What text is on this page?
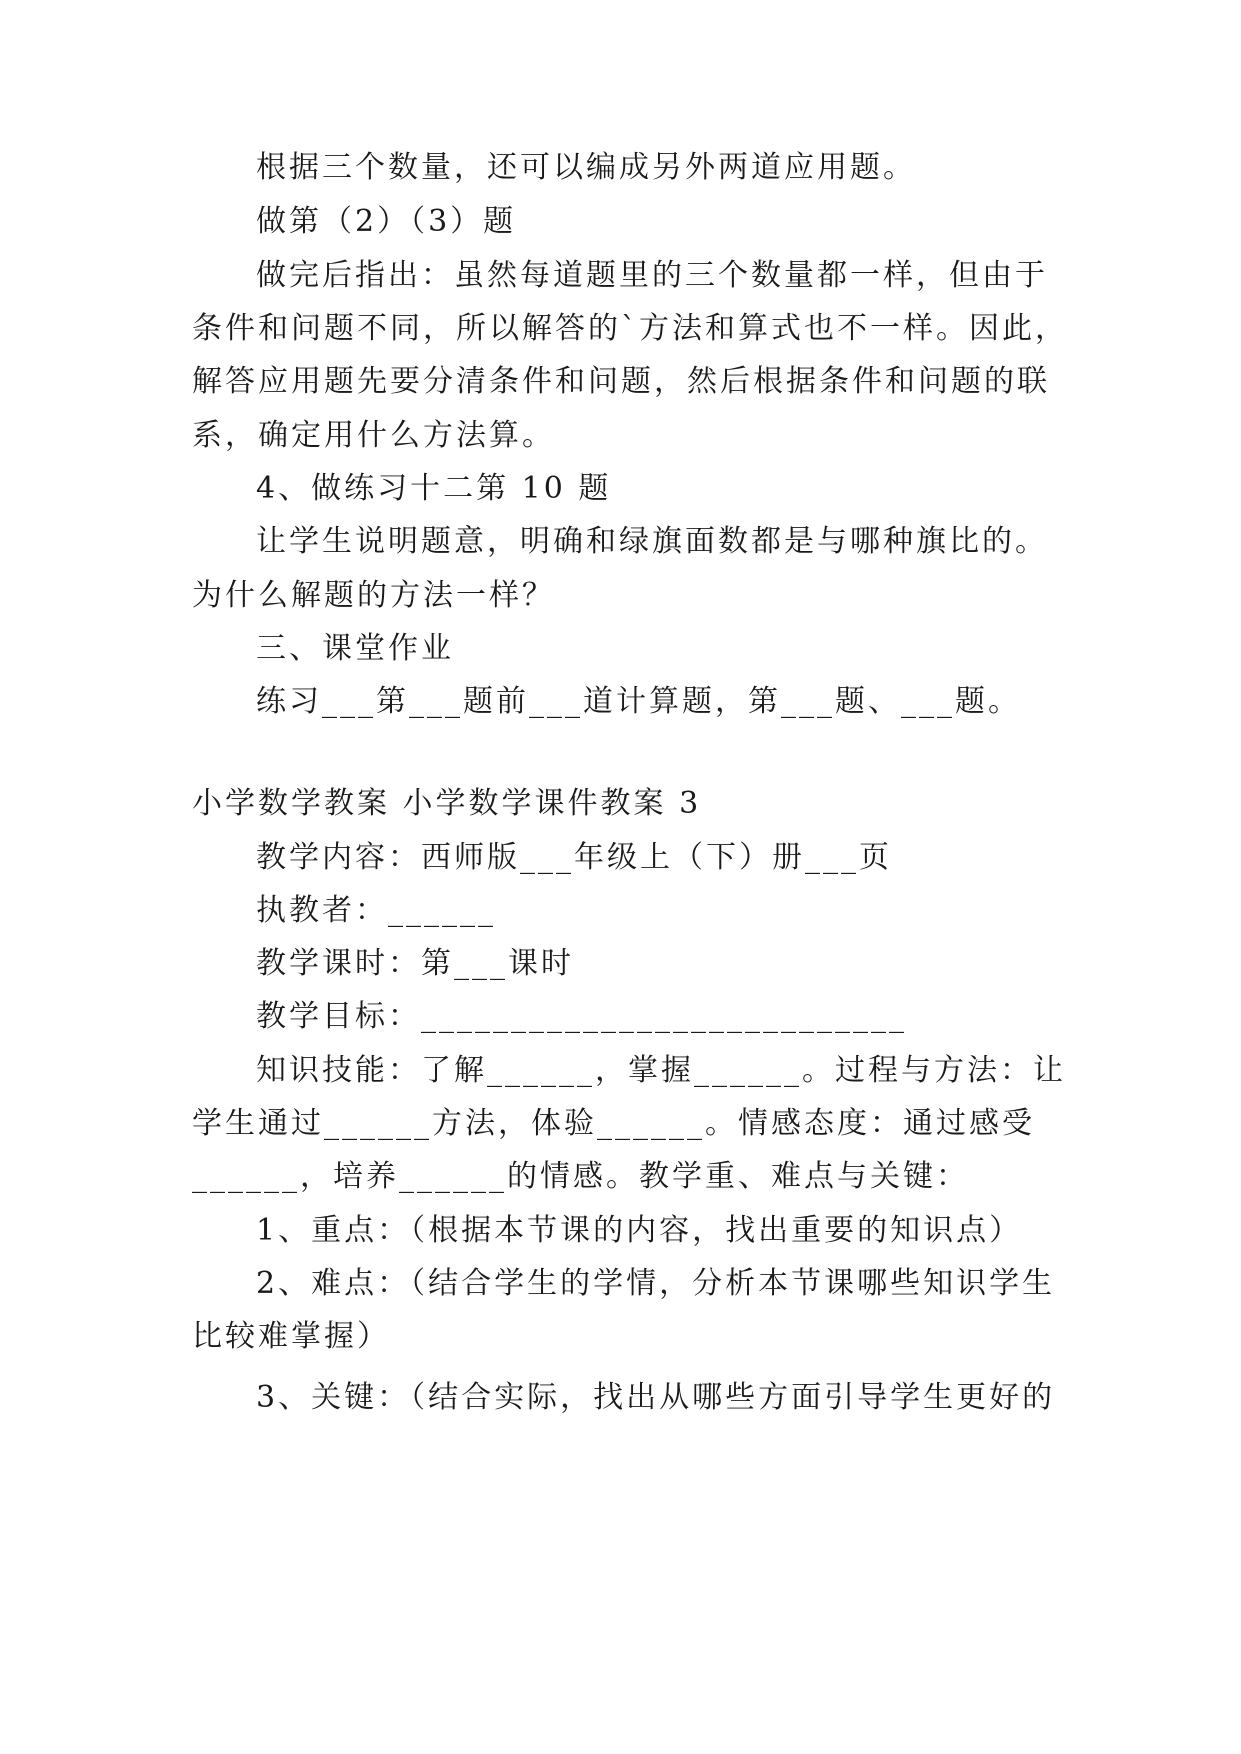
根据三个数量，还可以编成另外两道应用题。
做第（2）（3）题
做完后指出：虽然每道题里的三个数量都一样，但由于
条件和问题不同，所以解答的`方法和算式也不一样。因此，
解答应用题先要分清条件和问题，然后根据条件和问题的联
系，确定用什么方法算。
4、做练习十二第 10 题
让学生说明题意，明确和绿旗面数都是与哪种旗比的。
为什么解题的方法一样？
三、课堂作业
练习___第___题前___道计算题，第___题、___题。
小学数学教案 小学数学课件教案 3
教学内容：西师版___年级上（下）册___页
执教者：______
教学课时：第___课时
教学目标：___________________________
知识技能：了解______，掌握______。过程与方法：让
学生通过______方法，体验______。情感态度：通过感受
______，培养______的情感。教学重、难点与关键：
1、重点：（根据本节课的内容，找出重要的知识点）
2、难点：（结合学生的学情，分析本节课哪些知识学生
比较难掌握）
3、关键：（结合实际，找出从哪些方面引导学生更好的
